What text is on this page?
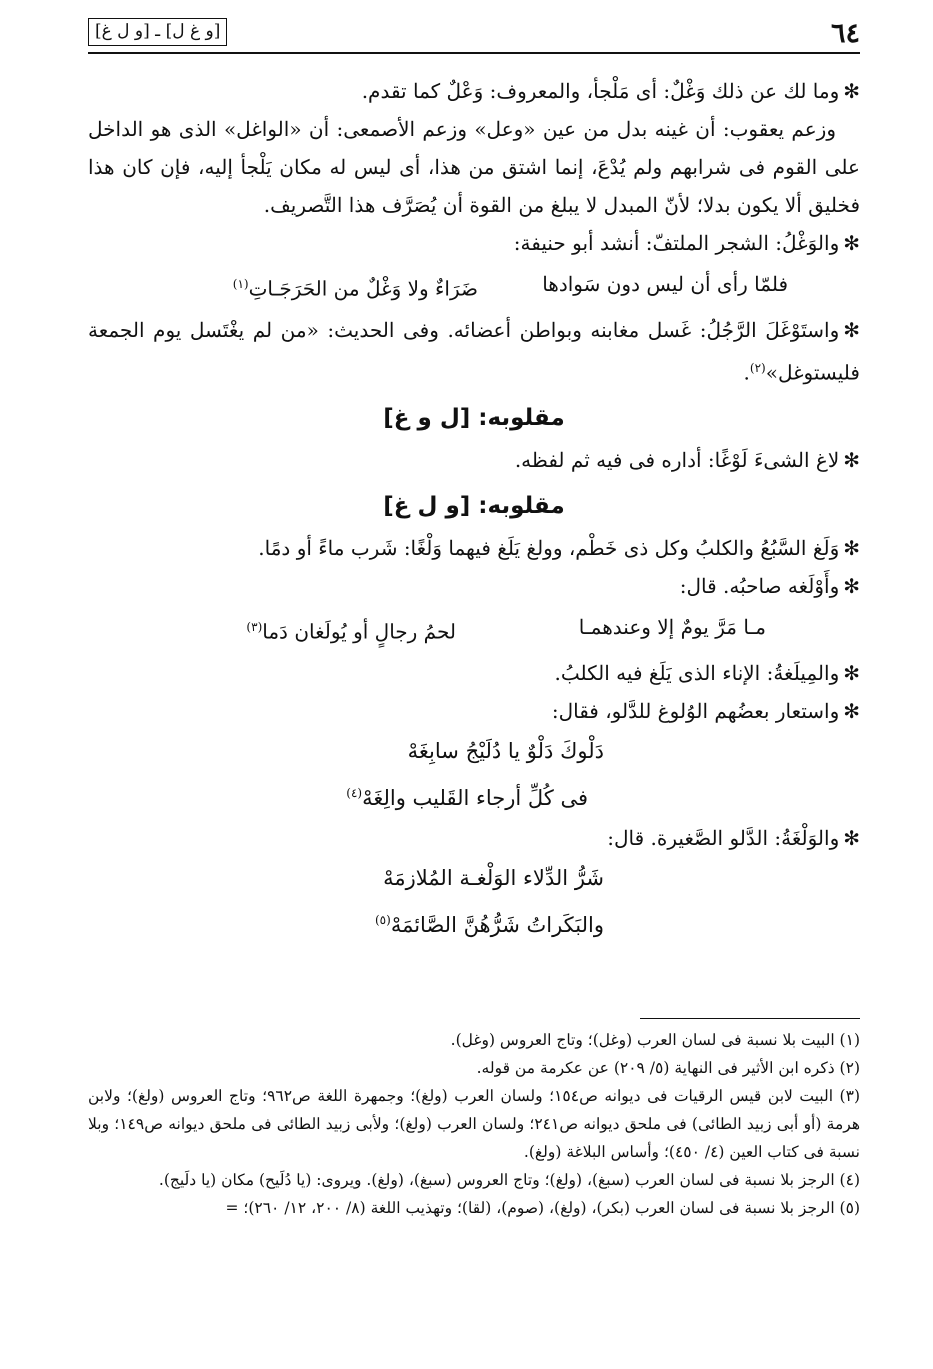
٦٤
[و غ ل] ـ [و ل غ]

✻وما لك عن ذلك وَغْلٌ: أى مَلْجأ، والمعروف: وَعْلٌ كما تقدم.

وزعم يعقوب: أن غينه بدل من عين «وعل» وزعم الأصمعى: أن «الواغل» الذى هو الداخل على القوم فى شرابهم ولم يُدْعَ، إنما اشتق من هذا، أى ليس له مكان يَلْجأ إليه، فإن كان هذا فخليق ألا يكون بدلا؛ لأنّ المبدل لا يبلغ من القوة أن يُصَرَّف هذا التَّصريف.

✻والوَغْلُ: الشجر الملتفّ: أنشد أبو حنيفة:

فلمّا رأى أن ليس دون سَوادها
ضَرَاءٌ ولا وَغْلٌ من الحَرَجَـاتِ$^{(١)}$

✻واستَوْغَلَ الرَّجُلُ: غَسل مغابنه وبواطن أعضائه. وفى الحديث: «من لم يغْتَسل يوم الجمعة فليستوغل»$^{(٢)}$.

مقلوبه: [ل و غ]

✻لاغ الشىءَ لَوْغًا: أداره فى فيه ثم لفظه.

مقلوبه: [و ل غ]

✻وَلَغ السَّبُعُ والكلبُ وكل ذى خَطْم، وولغ يَلَغ فيهما وَلْغًا: شَرب ماءً أو دمًا.

✻وأَوْلَغه صاحبُه. قال:

مـا مَرَّ يومٌ إلا وعندهمـا
لحمُ رجالٍ أو يُولَغان دَما$^{(٣)}$

✻والمِيلَغةُ: الإناء الذى يَلَغ فيه الكلبُ.

✻واستعار بعضُهم الوُلوغ للدَّلو، فقال:

دَلْوكَ دَلْوٌ يا دُلَيْجُ سابِغَهْ
فى كُلِّ أرجاء القَليب والِغَهْ$^{(٤)}$

✻والوَلْغَةُ: الدَّلو الصَّغيرة. قال:

شَرُّ الدِّلاء الوَلْغـة المُلازمَهْ
والبَكَراتُ شَرُّهُنَّ الصَّائمَهْ$^{(٥)}$

(١) البيت بلا نسبة فى لسان العرب (وغل)؛ وتاج العروس (وغل).

(٢) ذكره ابن الأثير فى النهاية (٥/ ٢٠٩) عن عكرمة من قوله.

(٣) البيت لابن قيس الرقيات فى ديوانه ص١٥٤؛ ولسان العرب (ولغ)؛ وجمهرة اللغة ص٩٦٢؛ وتاج العروس (ولغ)؛ ولابن هرمة (أو أبى زبيد الطائى) فى ملحق ديوانه ص٢٤١؛ ولسان العرب (ولغ)؛ ولأبى زبيد الطائى فى ملحق ديوانه ص١٤٩؛ وبلا نسبة فى كتاب العين (٤/ ٤٥٠)؛ وأساس البلاغة (ولغ).

(٤) الرجز بلا نسبة فى لسان العرب (سبغ)، (ولغ)؛ وتاج العروس (سبغ)، (ولغ). ويروى: (يا دُلَيح) مكان (يا دلَيج).

(٥) الرجز بلا نسبة فى لسان العرب (بكر)، (ولغ)، (صوم)، (لقا)؛ وتهذيب اللغة (٨/ ٢٠٠، ١٢/ ٢٦٠)؛ =
